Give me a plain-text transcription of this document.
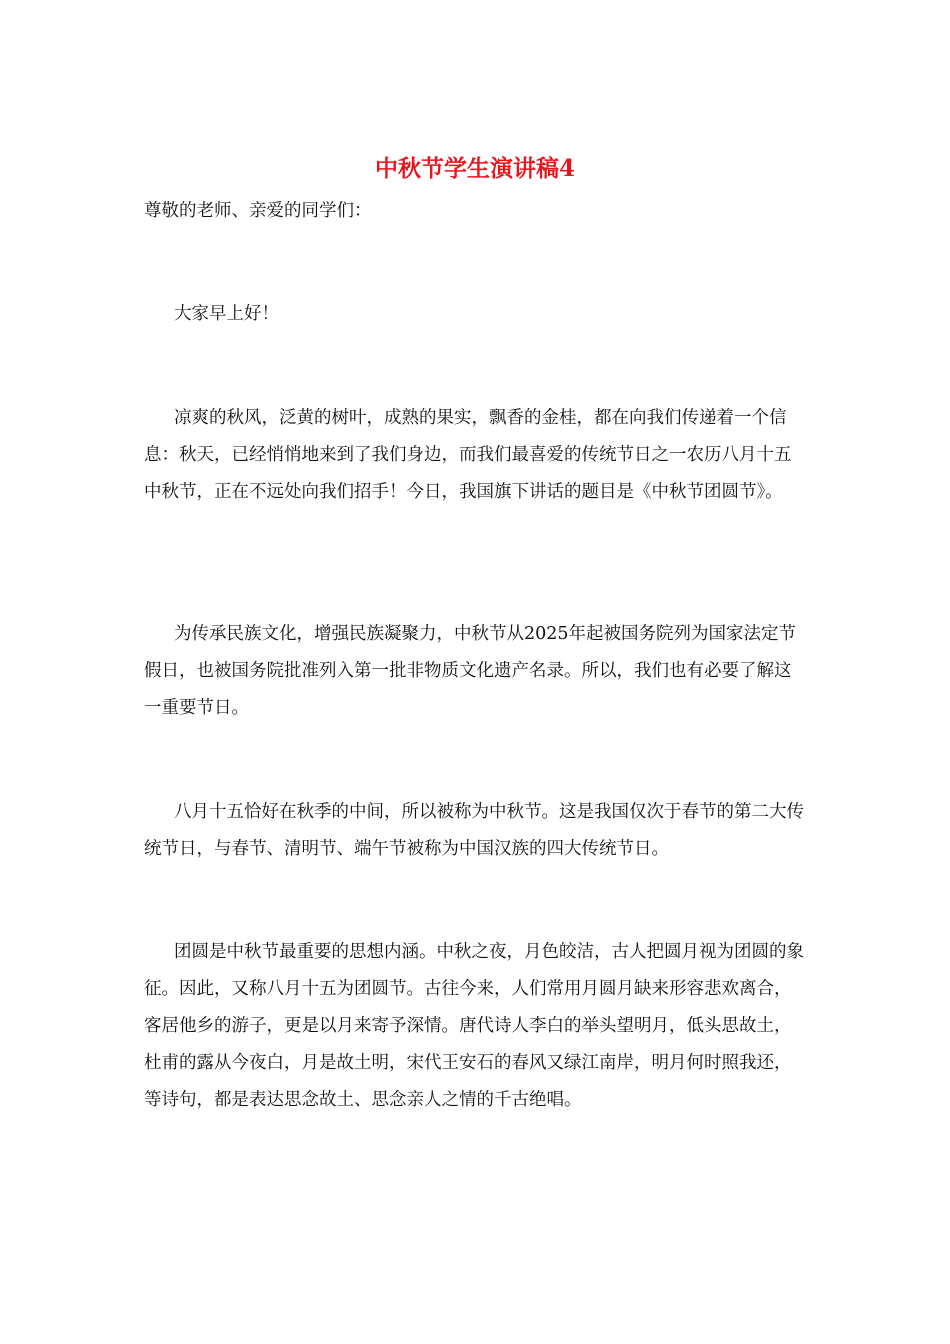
中秋节学生演讲稿4

尊敬的老师、亲爱的同学们：

大家早上好！

凉爽的秋风，泛黄的树叶，成熟的果实，飘香的金桂，都在向我们传递着一个信息：秋天，已经悄悄地来到了我们身边，而我们最喜爱的传统节日之一农历八月十五中秋节，正在不远处向我们招手！今日，我国旗下讲话的题目是《中秋节团圆节》。

为传承民族文化，增强民族凝聚力，中秋节从2025年起被国务院列为国家法定节假日，也被国务院批准列入第一批非物质文化遗产名录。所以，我们也有必要了解这一重要节日。

八月十五恰好在秋季的中间，所以被称为中秋节。这是我国仅次于春节的第二大传统节日，与春节、清明节、端午节被称为中国汉族的四大传统节日。

团圆是中秋节最重要的思想内涵。中秋之夜，月色皎洁，古人把圆月视为团圆的象征。因此，又称八月十五为团圆节。古往今来，人们常用月圆月缺来形容悲欢离合，客居他乡的游子，更是以月来寄予深情。唐代诗人李白的举头望明月，低头思故土，杜甫的露从今夜白，月是故土明，宋代王安石的春风又绿江南岸，明月何时照我还，等诗句，都是表达思念故土、思念亲人之情的千古绝唱。
